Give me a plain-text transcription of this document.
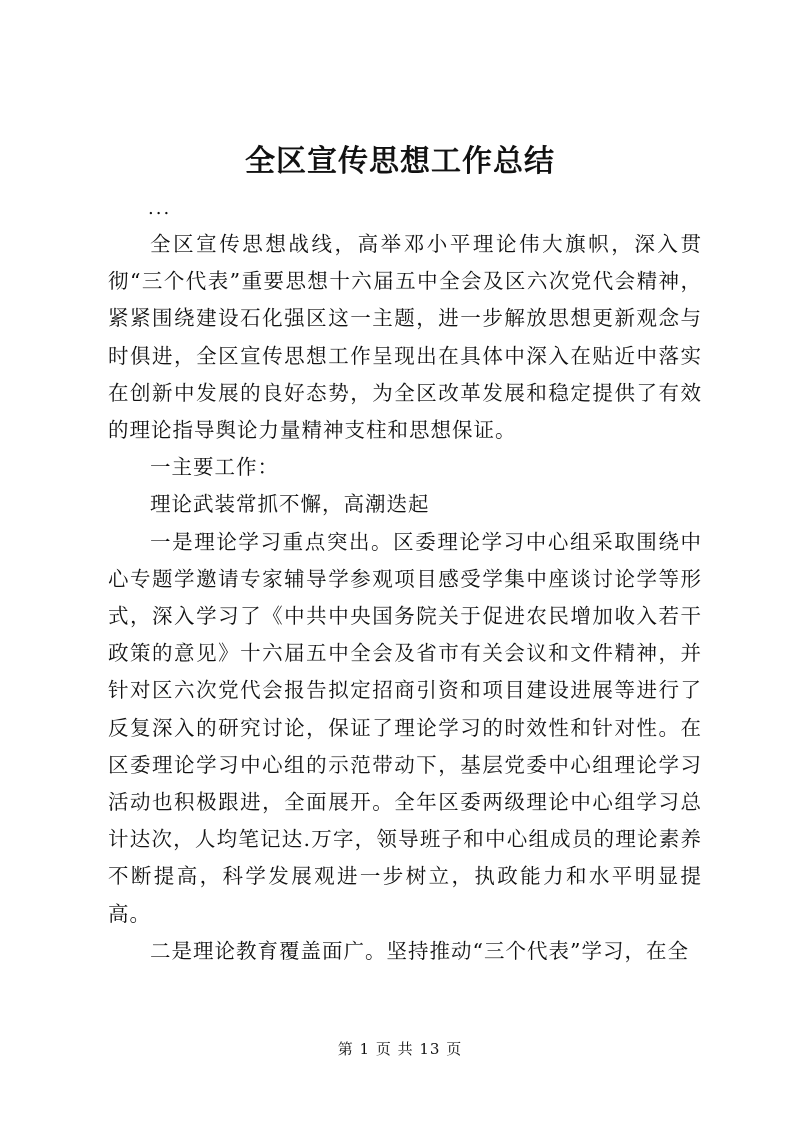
全区宣传思想工作总结
...

全区宣传思想战线，高举邓小平理论伟大旗帜，深入贯彻“三个代表”重要思想十六届五中全会及区六次党代会精神，紧紧围绕建设石化强区这一主题，进一步解放思想更新观念与时俱进，全区宣传思想工作呈现出在具体中深入在贴近中落实在创新中发展的良好态势，为全区改革发展和稳定提供了有效的理论指导舆论力量精神支柱和思想保证。

一主要工作：

理论武装常抓不懈，高潮迭起

一是理论学习重点突出。区委理论学习中心组采取围绕中心专题学邀请专家辅导学参观项目感受学集中座谈讨论学等形式，深入学习了《中共中央国务院关于促进农民增加收入若干政策的意见》十六届五中全会及省市有关会议和文件精神，并针对区六次党代会报告拟定招商引资和项目建设进展等进行了反复深入的研究讨论，保证了理论学习的时效性和针对性。在区委理论学习中心组的示范带动下，基层党委中心组理论学习活动也积极跟进，全面展开。全年区委两级理论中心组学习总计达次，人均笔记达.万字，领导班子和中心组成员的理论素养不断提高，科学发展观进一步树立，执政能力和水平明显提高。

二是理论教育覆盖面广。坚持推动“三个代表”学习，在全

第 1 页 共 13 页
